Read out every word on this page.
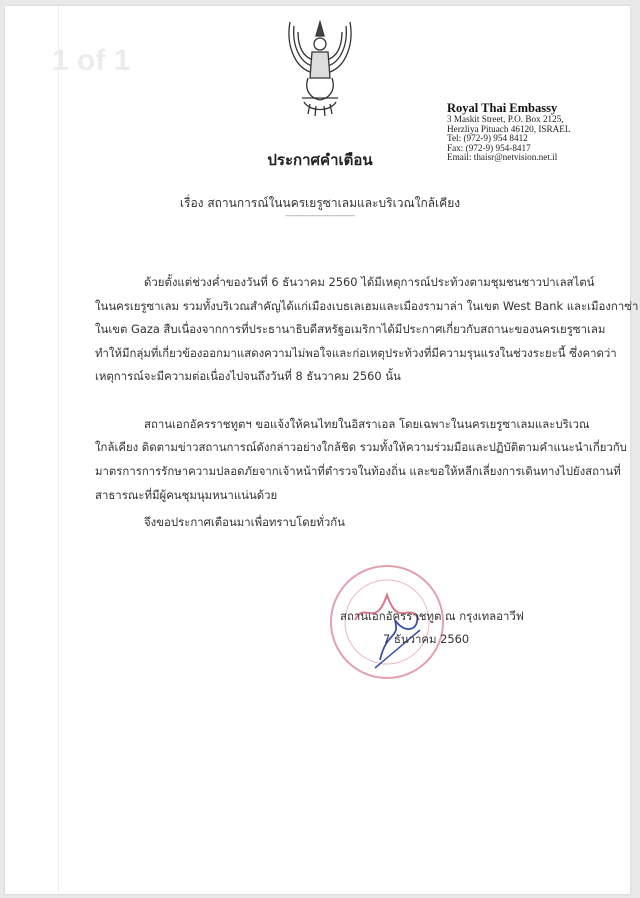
1 of 1
Royal Thai Embassy
3 Maskit Street, P.O. Box 2125,
Herzliya Pituach 46120, ISRAEL
Tel: (972-9) 954 8412
Fax: (972-9) 954-8417
Email: thaisr@netvision.net.il
ประกาศคำเตือน
เรื่อง สถานการณ์ในนครเยรูซาเลมและบริเวณใกล้เคียง
-----------------------------
ด้วยตั้งแต่ช่วงค่ำของวันที่ 6 ธันวาคม 2560 ได้มีเหตุการณ์ประท้วงตามชุมชนชาวปาเลสไตน์
ในนครเยรูซาเลม รวมทั้งบริเวณสำคัญได้แก่เมืองเบธเลเฮมและเมืองรามาล่า ในเขต West Bank และเมืองกาซ่า
ในเขต Gaza สืบเนื่องจากการที่ประธานาธิบดีสหรัฐอเมริกาได้มีประกาศเกี่ยวกับสถานะของนครเยรูซาเลม
ทำให้มีกลุ่มที่เกี่ยวข้องออกมาแสดงความไม่พอใจและก่อเหตุประท้วงที่มีความรุนแรงในช่วงระยะนี้ ซึ่งคาดว่า
เหตุการณ์จะมีความต่อเนื่องไปจนถึงวันที่ 8 ธันวาคม 2560 นั้น
สถานเอกอัครราชทูตฯ ขอแจ้งให้คนไทยในอิสราเอล โดยเฉพาะในนครเยรูซาเลมและบริเวณ
ใกล้เคียง ติดตามข่าวสถานการณ์ดังกล่าวอย่างใกล้ชิด รวมทั้งให้ความร่วมมือและปฏิบัติตามคำแนะนำเกี่ยวกับ
มาตรการการรักษาความปลอดภัยจากเจ้าหน้าที่ตำรวจในท้องถิ่น และขอให้หลีกเลี่ยงการเดินทางไปยังสถานที่
สาธารณะที่มีผู้คนชุมนุมหนาแน่นด้วย
จึงขอประกาศเตือนมาเพื่อทราบโดยทั่วกัน
สถานเอกอัครราชทูต ณ กรุงเทลอาวีฟ
7 ธันวาคม 2560
